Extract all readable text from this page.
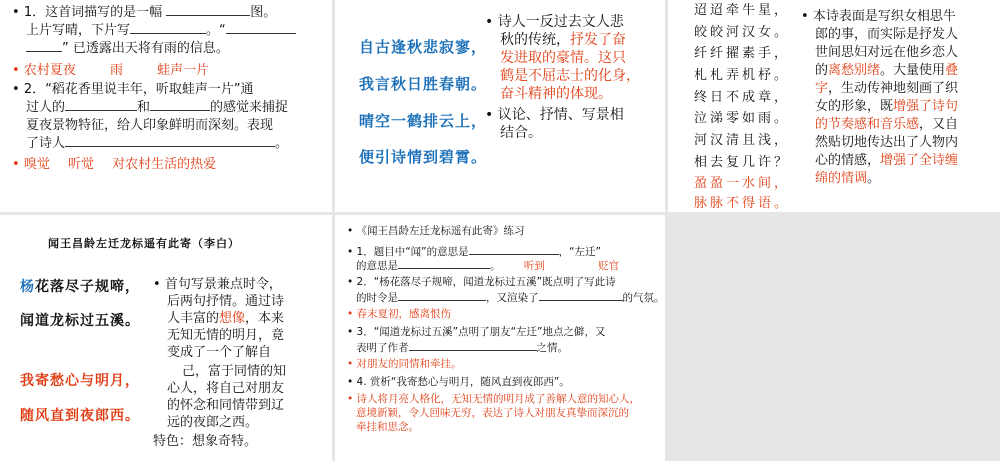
• 1．这首词描写的是一幅	图。
上片写晴，下片写	。“
” 已透露出天将有雨的信息。
• 农村夏夜	雨	蛙声一片
• 2．“稻花香里说丰年，听取蛙声一片”通
过人的	和	的感觉来捕捉
夏夜景物特征，给人印象鲜明而深刻。表现
了诗人	。
• 嗅觉 听觉 对农村生活的热爱
自古逢秋悲寂寥，
我言秋日胜春朝。
晴空一鹤排云上，
便引诗情到碧霄。
• 诗人一反过去文人悲
秋的传统，抒发了奋
发进取的豪情。这只
鹤是不屈志士的化身，
奋斗精神的体现。
• 议论、抒情、写景相
结合。
迢迢牵牛星，
皎皎河汉女。
纤纤擢素手，
札札弄机杼。
终日不成章，
泣涕零如雨。
河汉清且浅，
相去复几许？
盈盈一水间，
脉脉不得语。
• 本诗表面是写织女相思牛
郎的事，而实际是抒发人
世间思妇对远在他乡恋人
的离愁别绪。大量使用叠
字，生动传神地刻画了织
女的形象，既增强了诗句
的节奏感和音乐感，又自
然贴切地传达出了人物内
心的情感，增强了全诗缠
绵的情调。
闻王昌龄左迁龙标遥有此寄（李白）
杨花落尽子规啼，
闻道龙标过五溪。
我寄愁心与明月，
随风直到夜郎西。
• 首句写景兼点时令，
后两句抒情。通过诗
人丰富的想像，本来
无知无情的明月，竟
变成了一个了解自
己，富于同情的知
心人，将自己对朋友
的怀念和同情带到辽
远的夜郎之西。
特色：想象奇特。
• 《闻王昌龄左迁龙标遥有此寄》练习
• 1．题目中“闻”的意思是	，“左迁”
的意思是	。 听到	贬官
• 2．“杨花落尽子规啼，闻道龙标过五溪”既点明了写此诗
的时令是	，又渲染了	的气氛。
• 春末夏初，感离恨伤
• 3．“闻道龙标过五溪”点明了朋友“左迁”地点之僻，又
表明了作者	之情。
• 对朋友的同情和牵挂。
• 4. 赏析“我寄愁心与明月，随风直到夜郎西”。
• 诗人将月亮人格化，无知无情的明月成了善解人意的知心人，
意境新颖，令人回味无穷，表达了诗人对朋友真挚而深沉的
牵挂和思念。
